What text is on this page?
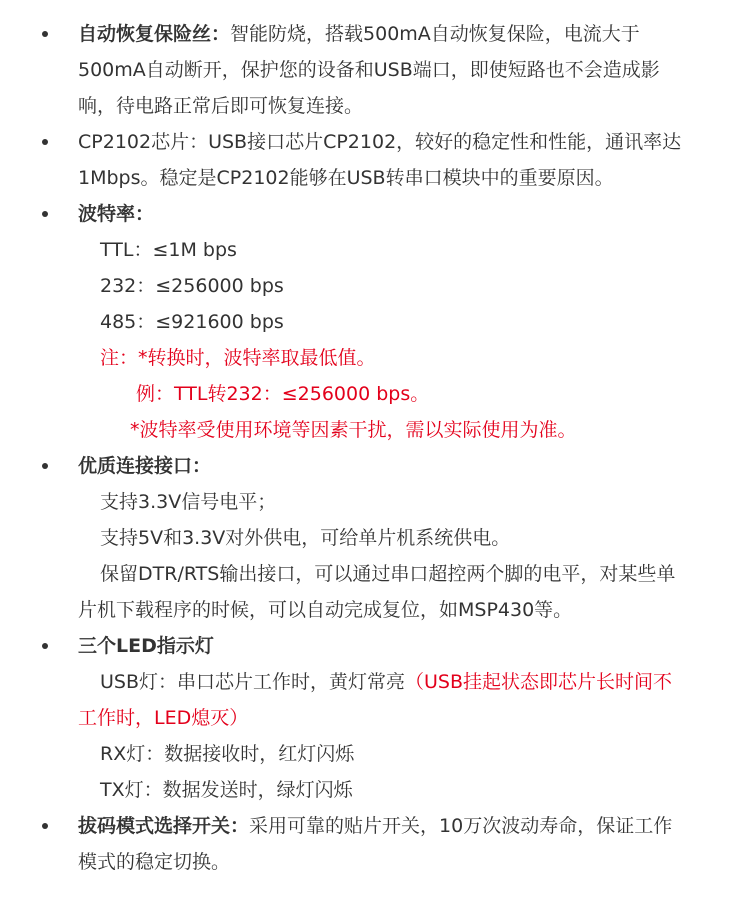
自动恢复保险丝：智能防烧，搭载500mA自动恢复保险，电流大于
500mA自动断开，保护您的设备和USB端口，即使短路也不会造成影
响，待电路正常后即可恢复连接。
CP2102芯片：USB接口芯片CP2102，较好的稳定性和性能，通讯率达
1Mbps。稳定是CP2102能够在USB转串口模块中的重要原因。
波特率：
TTL：≤1M bps
232：≤256000 bps
485：≤921600 bps
注：*转换时，波特率取最低值。
例：TTL转232：≤256000 bps。
*波特率受使用环境等因素干扰，需以实际使用为准。
优质连接接口：
支持3.3V信号电平；
支持5V和3.3V对外供电，可给单片机系统供电。
保留DTR/RTS输出接口，可以通过串口超控两个脚的电平，对某些单
片机下载程序的时候，可以自动完成复位，如MSP430等。
三个LED指示灯
USB灯：串口芯片工作时，黄灯常亮（USB挂起状态即芯片长时间不
工作时，LED熄灭）
RX灯：数据接收时，红灯闪烁
TX灯：数据发送时，绿灯闪烁
拔码模式选择开关：采用可靠的贴片开关，10万次波动寿命，保证工作
模式的稳定切换。
